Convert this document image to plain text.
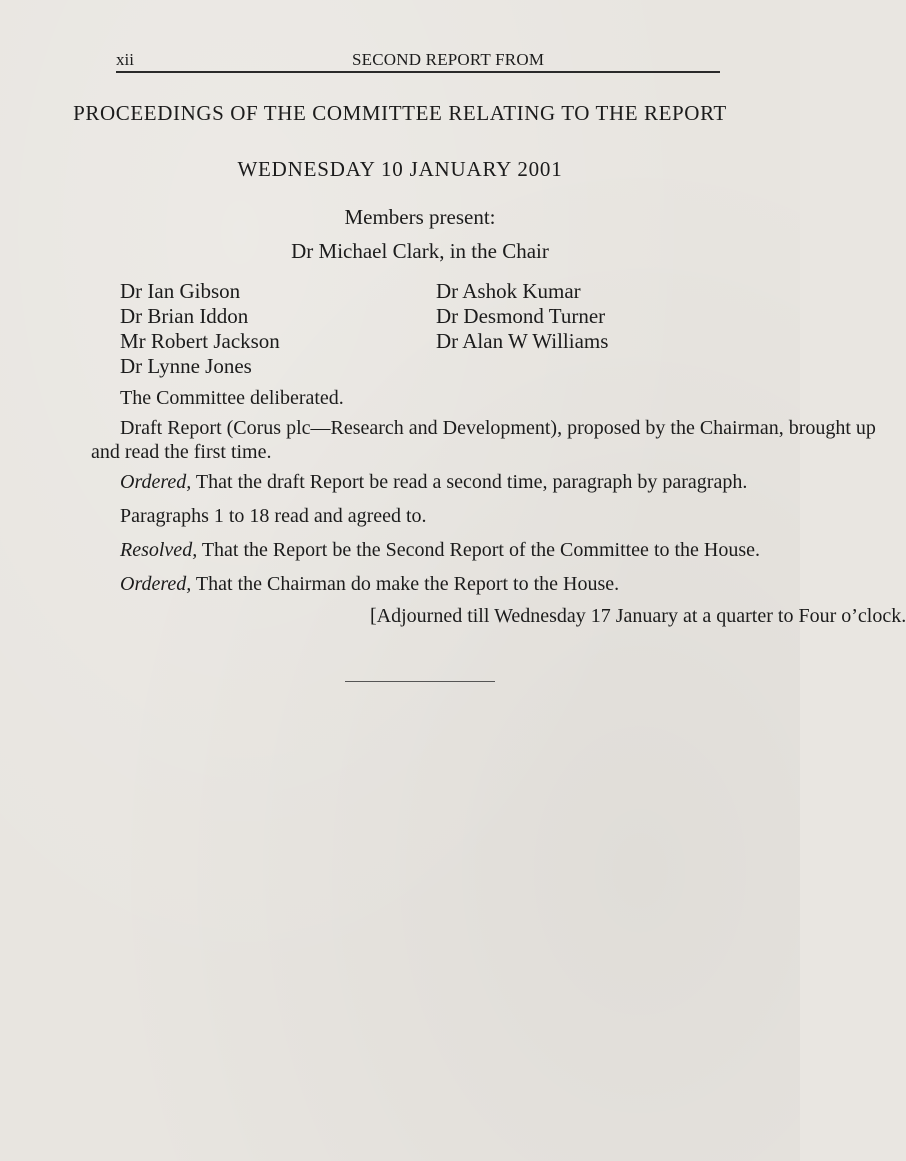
xii	SECOND REPORT FROM
PROCEEDINGS OF THE COMMITTEE RELATING TO THE REPORT
WEDNESDAY 10 JANUARY 2001
Members present:
Dr Michael Clark, in the Chair
Dr Ian Gibson
Dr Brian Iddon
Mr Robert Jackson
Dr Lynne Jones
Dr Ashok Kumar
Dr Desmond Turner
Dr Alan W Williams
The Committee deliberated.
Draft Report (Corus plc—Research and Development), proposed by the Chairman, brought up
and read the first time.
Ordered, That the draft Report be read a second time, paragraph by paragraph.
Paragraphs 1 to 18 read and agreed to.
Resolved, That the Report be the Second Report of the Committee to the House.
Ordered, That the Chairman do make the Report to the House.
[Adjourned till Wednesday 17 January at a quarter to Four o’clock.
